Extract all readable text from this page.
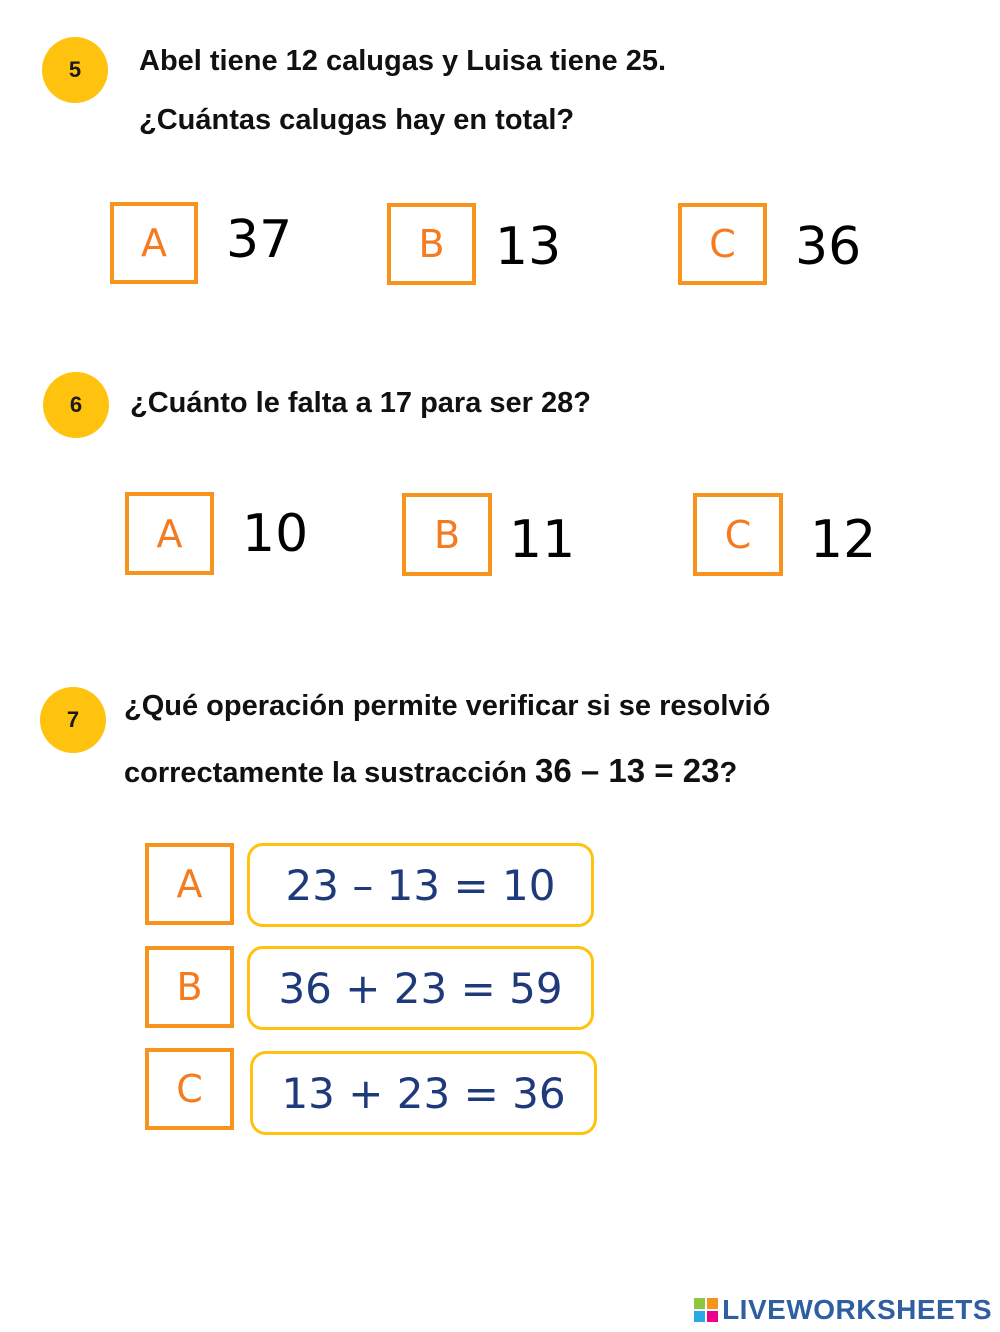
5	Abel tiene 12 calugas y Luisa tiene 25.
¿Cuántas calugas hay en total?
A	37	B 13	C	36
6	¿Cuánto le falta a 17 para ser 28?
A	10	B 11	C	12
7	¿Qué operación permite verificar si se resolvió
correctamente la sustracción 36 – 13 = 23?
A	23 – 13 = 10
B	36 + 23 = 59
C	13 + 23 = 36
LIVEWORKSHEETS
